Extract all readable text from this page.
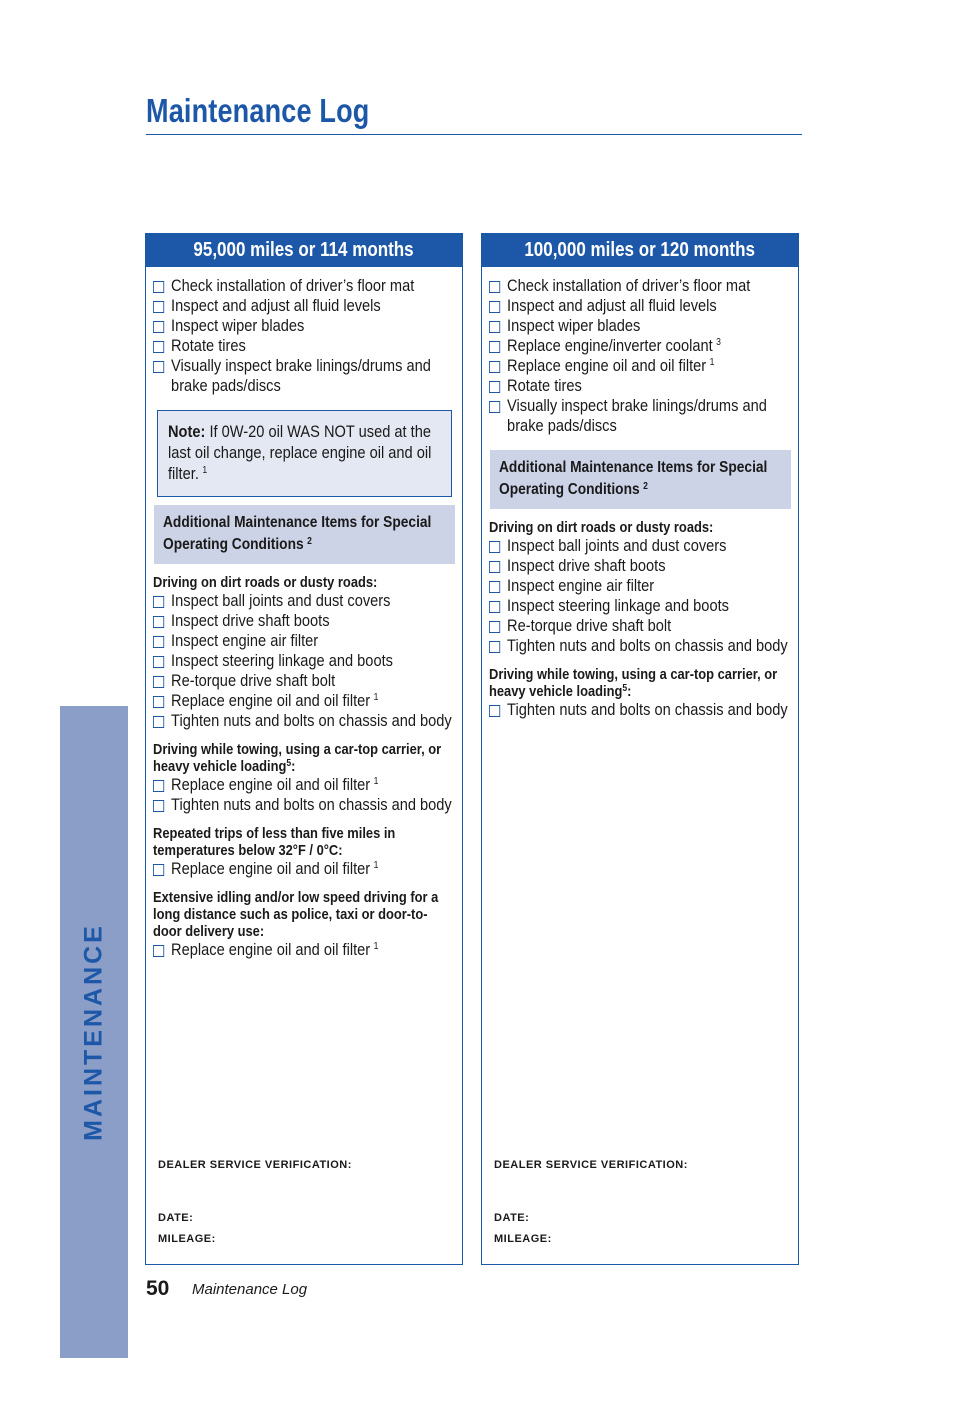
Maintenance Log
MAINTENANCE
95,000 miles or 114 months
Check installation of driver’s floor mat
Inspect and adjust all fluid levels
Inspect wiper blades
Rotate tires
Visually inspect brake linings/drums and brake pads/discs
Note: If 0W-20 oil WAS NOT used at the last oil change, replace engine oil and oil filter. $^1$
Additional Maintenance Items for Special Operating Conditions $^2$
Driving on dirt roads or dusty roads:
Inspect ball joints and dust covers
Inspect drive shaft boots
Inspect engine air filter
Inspect steering linkage and boots
Re-torque drive shaft bolt
Replace engine oil and oil filter $^1$
Tighten nuts and bolts on chassis and body
Driving while towing, using a car-top carrier, or heavy vehicle loading$^5$:
Replace engine oil and oil filter $^1$
Tighten nuts and bolts on chassis and body
Repeated trips of less than five miles in temperatures below 32°F / 0°C:
Replace engine oil and oil filter $^1$
Extensive idling and/or low speed driving for a long distance such as police, taxi or door-to-door delivery use:
Replace engine oil and oil filter $^1$
DEALER SERVICE VERIFICATION:
DATE:
MILEAGE:
100,000 miles or 120 months
Check installation of driver’s floor mat
Inspect and adjust all fluid levels
Inspect wiper blades
Replace engine/inverter coolant $^3$
Replace engine oil and oil filter $^1$
Rotate tires
Visually inspect brake linings/drums and brake pads/discs
Additional Maintenance Items for Special Operating Conditions $^2$
Driving on dirt roads or dusty roads:
Inspect ball joints and dust covers
Inspect drive shaft boots
Inspect engine air filter
Inspect steering linkage and boots
Re-torque drive shaft bolt
Tighten nuts and bolts on chassis and body
Driving while towing, using a car-top carrier, or heavy vehicle loading$^5$:
Tighten nuts and bolts on chassis and body
DEALER SERVICE VERIFICATION:
DATE:
MILEAGE:
50 Maintenance Log
